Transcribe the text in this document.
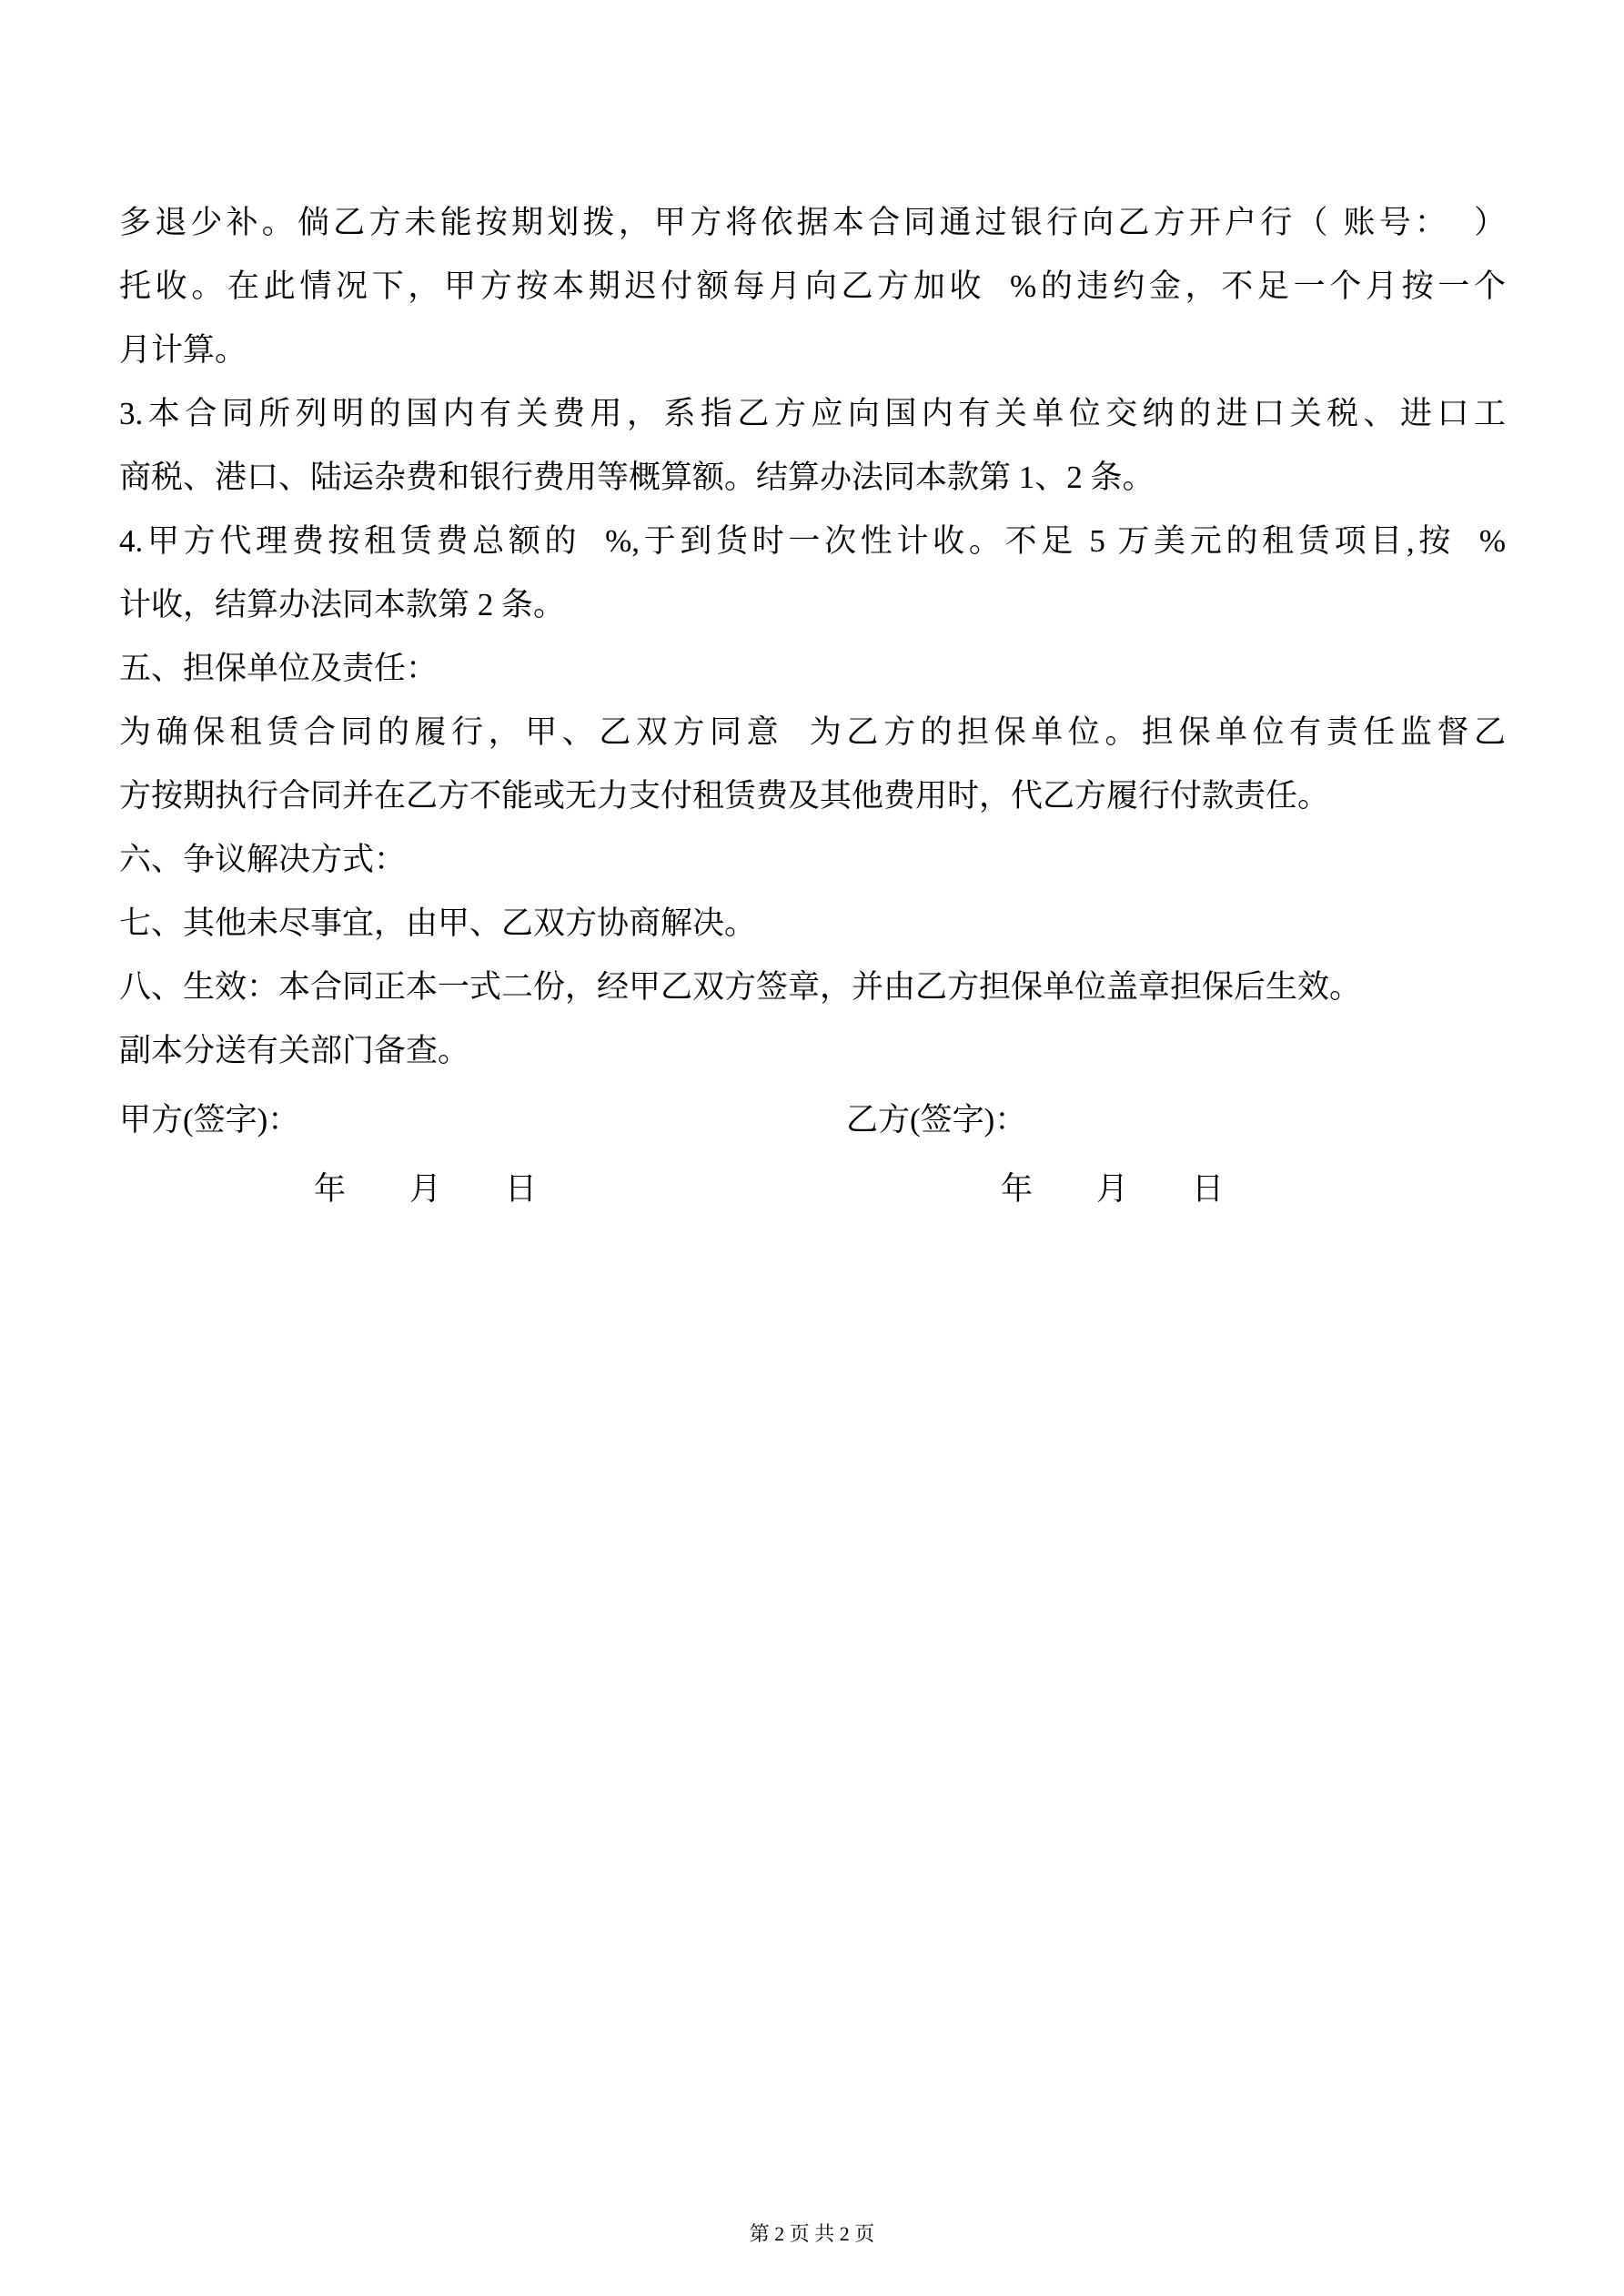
多退少补。倘乙方未能按期划拨，甲方将依据本合同通过银行向乙方开户行（ 账号：  ）
托收。在此情况下，甲方按本期迟付额每月向乙方加收  %的违约金，不足一个月按一个
月计算。
3.本合同所列明的国内有关费用，系指乙方应向国内有关单位交纳的进口关税、进口工
商税、港口、陆运杂费和银行费用等概算额。结算办法同本款第 1、2 条。
4.甲方代理费按租赁费总额的  %,于到货时一次性计收。不足 5 万美元的租赁项目,按  %
计收，结算办法同本款第 2 条。
五、担保单位及责任：
为确保租赁合同的履行，甲、乙双方同意  为乙方的担保单位。担保单位有责任监督乙
方按期执行合同并在乙方不能或无力支付租赁费及其他费用时，代乙方履行付款责任。
六、争议解决方式：
七、其他未尽事宜，由甲、乙双方协商解决。
八、生效：本合同正本一式二份，经甲乙双方签章，并由乙方担保单位盖章担保后生效。
副本分送有关部门备查。
甲方(签字)：	乙方(签字)：
年　　月　　日	年　　月　　日
第 2 页 共 2 页
